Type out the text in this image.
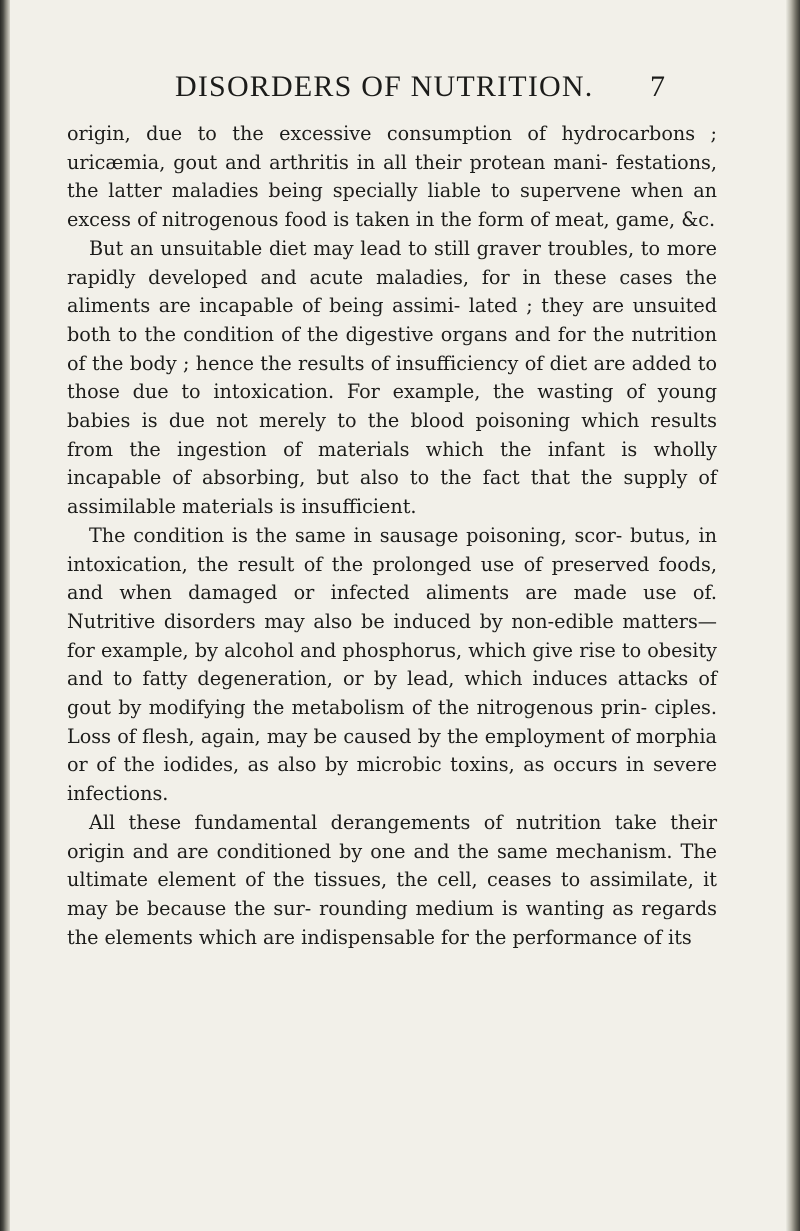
DISORDERS OF NUTRITION. 7

origin, due to the excessive consumption of hydrocarbons ; uricæmia, gout and arthritis in all their protean mani- festations, the latter maladies being specially liable to supervene when an excess of nitrogenous food is taken in the form of meat, game, &c.

But an unsuitable diet may lead to still graver troubles, to more rapidly developed and acute maladies, for in these cases the aliments are incapable of being assimi- lated ; they are unsuited both to the condition of the digestive organs and for the nutrition of the body ; hence the results of insufficiency of diet are added to those due to intoxication. For example, the wasting of young babies is due not merely to the blood poisoning which results from the ingestion of materials which the infant is wholly incapable of absorbing, but also to the fact that the supply of assimilable materials is insufficient.

The condition is the same in sausage poisoning, scor- butus, in intoxication, the result of the prolonged use of preserved foods, and when damaged or infected aliments are made use of. Nutritive disorders may also be induced by non-edible matters—for example, by alcohol and phosphorus, which give rise to obesity and to fatty degeneration, or by lead, which induces attacks of gout by modifying the metabolism of the nitrogenous prin- ciples. Loss of flesh, again, may be caused by the employment of morphia or of the iodides, as also by microbic toxins, as occurs in severe infections.

All these fundamental derangements of nutrition take their origin and are conditioned by one and the same mechanism. The ultimate element of the tissues, the cell, ceases to assimilate, it may be because the sur- rounding medium is wanting as regards the elements which are indispensable for the performance of its
